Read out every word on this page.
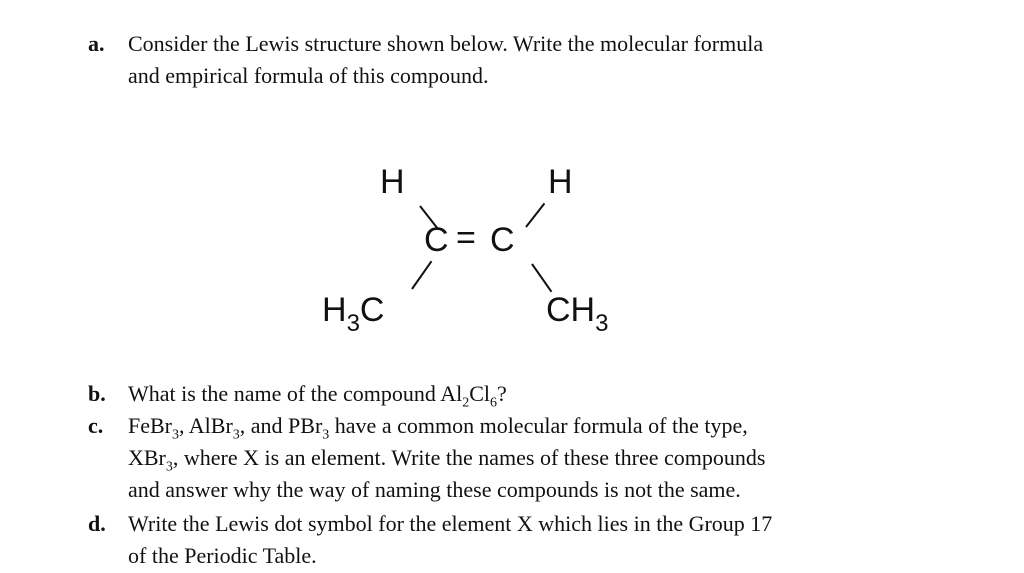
a. Consider the Lewis structure shown below. Write the molecular formula
and empirical formula of this compound.
H	H
C = C
$H_3C$	$CH_3$
b. What is the name of the compound $Al_2Cl_6$?
c. FeBr$_3$, AlBr$_3$, and PBr$_3$ have a common molecular formula of the type,
XBr$_3$, where X is an element. Write the names of these three compounds
and answer why the way of naming these compounds is not the same.
d. Write the Lewis dot symbol for the element X which lies in the Group 17
of the Periodic Table.
